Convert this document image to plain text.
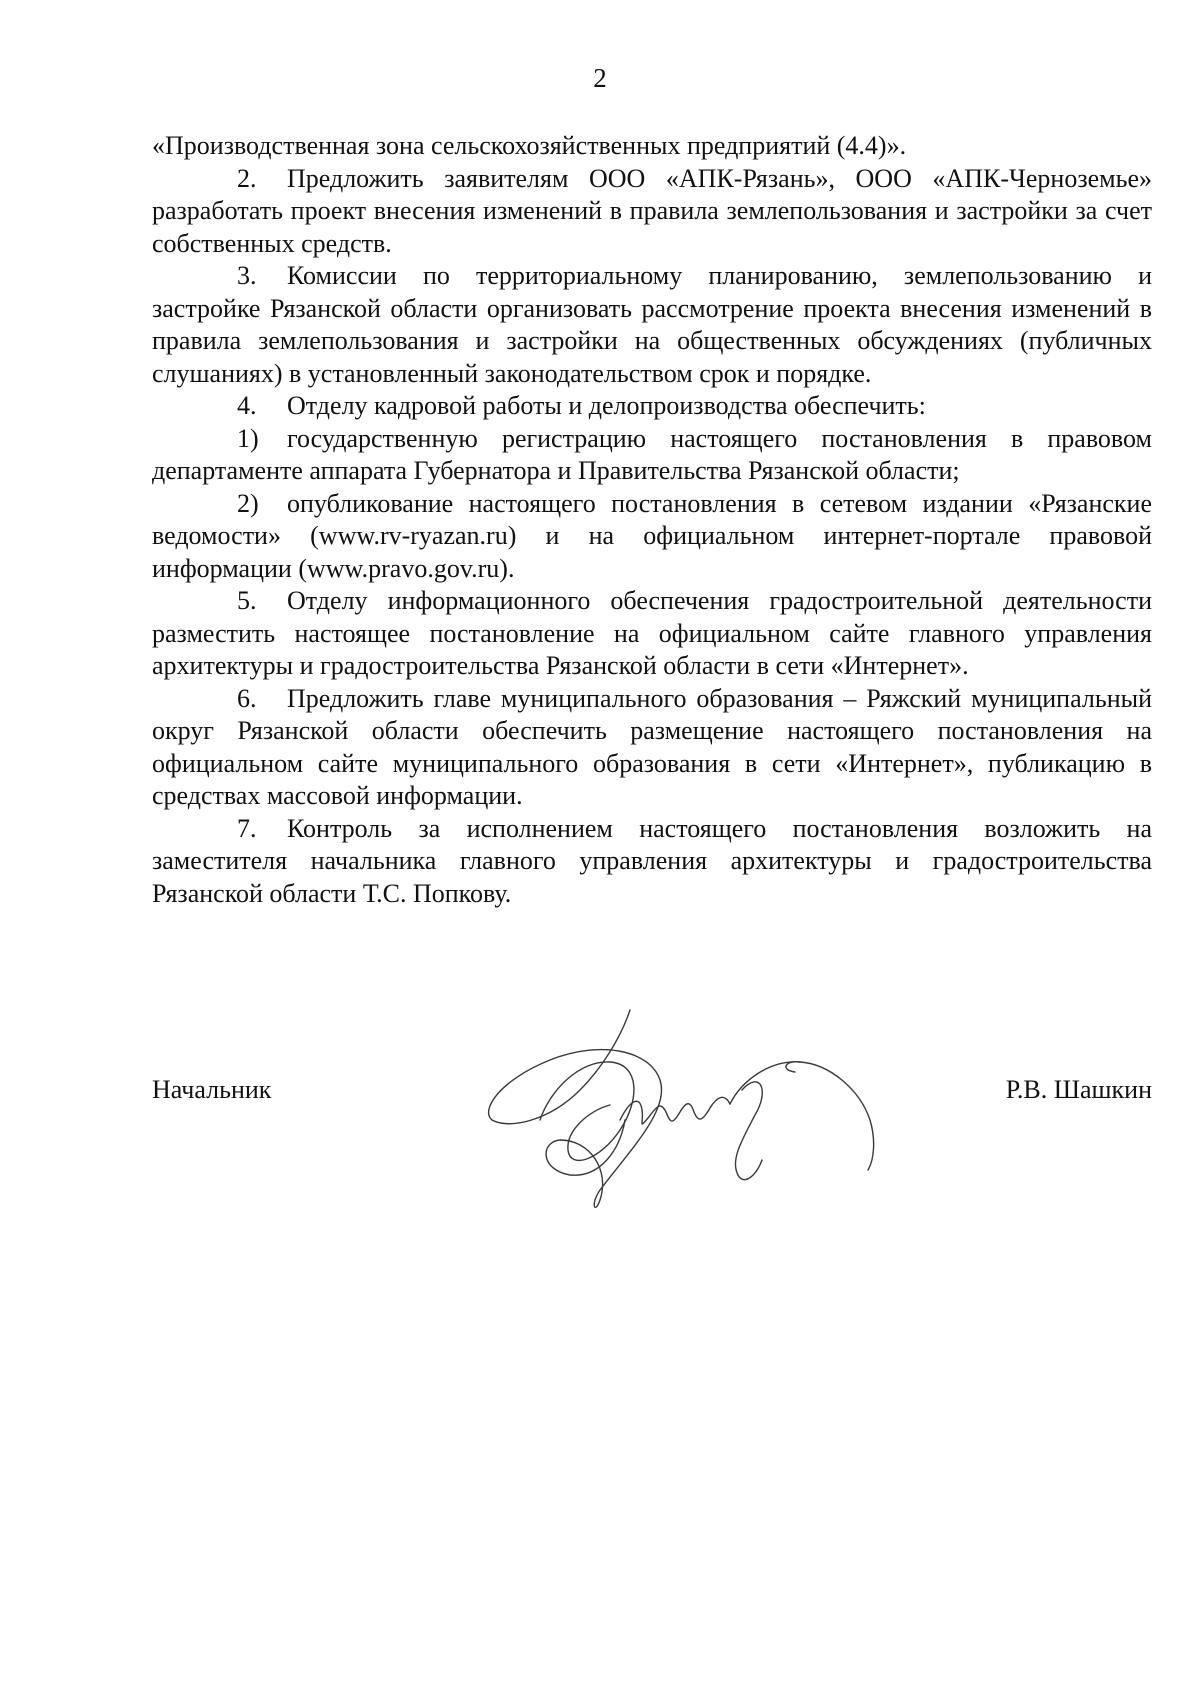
2

«Производственная зона сельскохозяйственных предприятий (4.4)».

2. Предложить заявителям ООО «АПК-Рязань», ООО «АПК-Черноземье» разработать проект внесения изменений в правила землепользования и застройки за счет собственных средств.

3. Комиссии по территориальному планированию, землепользованию и застройке Рязанской области организовать рассмотрение проекта внесения изменений в правила землепользования и застройки на общественных обсуждениях (публичных слушаниях) в установленный законодательством срок и порядке.

4. Отделу кадровой работы и делопроизводства обеспечить:

1) государственную регистрацию настоящего постановления в правовом департаменте аппарата Губернатора и Правительства Рязанской области;

2) опубликование настоящего постановления в сетевом издании «Рязанские ведомости» (www.rv-ryazan.ru) и на официальном интернет-портале правовой информации (www.pravo.gov.ru).

5. Отделу информационного обеспечения градостроительной деятельности разместить настоящее постановление на официальном сайте главного управления архитектуры и градостроительства Рязанской области в сети «Интернет».

6. Предложить главе муниципального образования – Ряжский муниципальный округ Рязанской области обеспечить размещение настоящего постановления на официальном сайте муниципального образования в сети «Интернет», публикацию в средствах массовой информации.

7. Контроль за исполнением настоящего постановления возложить на заместителя начальника главного управления архитектуры и градостроительства Рязанской области Т.С. Попкову.

Начальник	Р.В. Шашкин
